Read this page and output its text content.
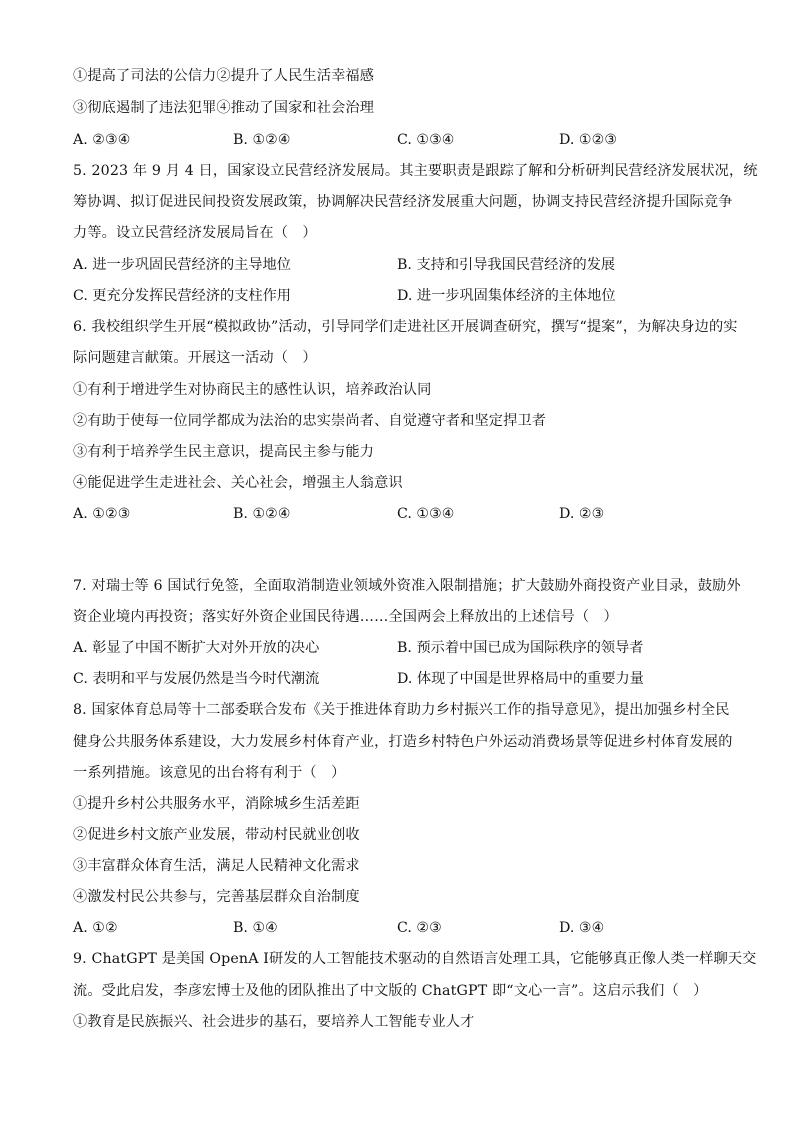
①提高了司法的公信力②提升了人民生活幸福感
③彻底遏制了违法犯罪④推动了国家和社会治理
A. ②③④	B. ①②④	C. ①③④	D. ①②③
5. 2023 年 9 月 4 日，国家设立民营经济发展局。其主要职责是跟踪了解和分析研判民营经济发展状况，统
筹协调、拟订促进民间投资发展政策，协调解决民营经济发展重大问题，协调支持民营经济提升国际竞争
力等。设立民营经济发展局旨在（　）
A. 进一步巩固民营经济的主导地位	B. 支持和引导我国民营经济的发展
C. 更充分发挥民营经济的支柱作用	D. 进一步巩固集体经济的主体地位
6. 我校组织学生开展“模拟政协”活动，引导同学们走进社区开展调查研究，撰写“提案”，为解决身边的实
际问题建言献策。开展这一活动（　）
①有利于增进学生对协商民主的感性认识，培养政治认同
②有助于使每一位同学都成为法治的忠实崇尚者、自觉遵守者和坚定捍卫者
③有利于培养学生民主意识，提高民主参与能力
④能促进学生走进社会、关心社会，增强主人翁意识
A. ①②③	B. ①②④	C. ①③④	D. ②③
7. 对瑞士等 6 国试行免签，全面取消制造业领域外资准入限制措施；扩大鼓励外商投资产业目录，鼓励外
资企业境内再投资；落实好外资企业国民待遇……全国两会上释放出的上述信号（　）
A. 彰显了中国不断扩大对外开放的决心	B. 预示着中国已成为国际秩序的领导者
C. 表明和平与发展仍然是当今时代潮流	D. 体现了中国是世界格局中的重要力量
8. 国家体育总局等十二部委联合发布《关于推进体育助力乡村振兴工作的指导意见》，提出加强乡村全民
健身公共服务体系建设，大力发展乡村体育产业，打造乡村特色户外运动消费场景等促进乡村体育发展的
一系列措施。该意见的出台将有利于（　）
①提升乡村公共服务水平，消除城乡生活差距
②促进乡村文旅产业发展，带动村民就业创收
③丰富群众体育生活，满足人民精神文化需求
④激发村民公共参与，完善基层群众自治制度
A. ①②	B. ①④	C. ②③	D. ③④
9. ChatGPT 是美国 OpenA Ⅰ研发的人工智能技术驱动的自然语言处理工具，它能够真正像人类一样聊天交
流。受此启发，李彦宏博士及他的团队推出了中文版的 ChatGPT 即“文心一言”。这启示我们（　）
①教育是民族振兴、社会进步的基石，要培养人工智能专业人才
